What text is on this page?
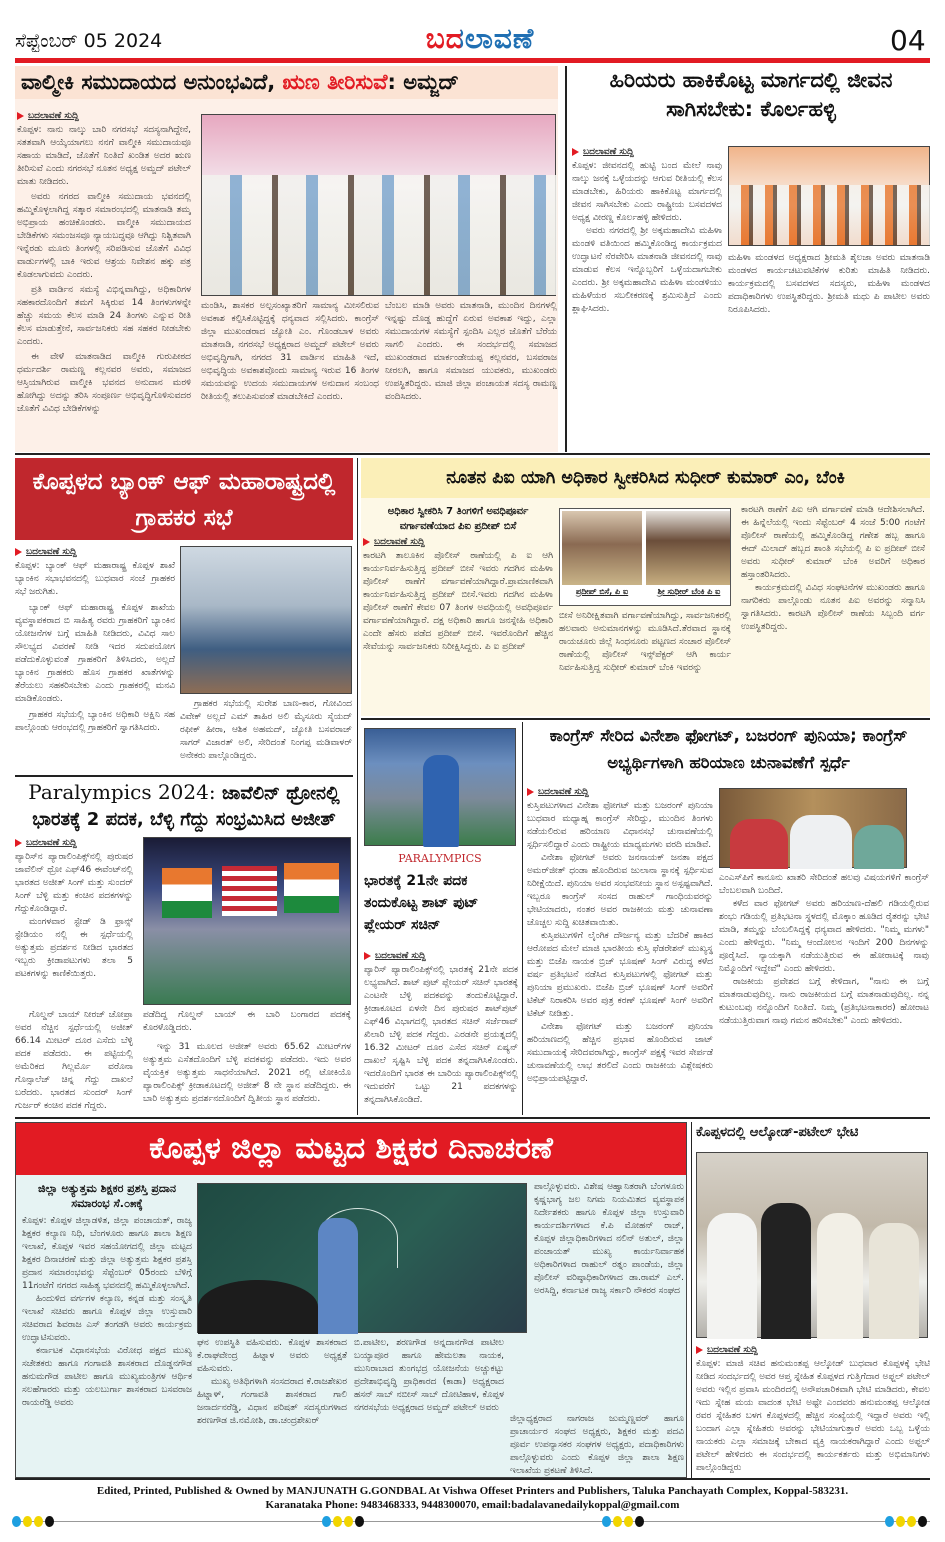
ಸೆಪ್ಟೆಂಬರ್ 05 2024	ಬದಲಾವಣೆ	04
ವಾಲ್ಮೀಕಿ ಸಮುದಾಯದ ಅನುಂಭವಿದೆ, ಋಣ ತೀರಿಸುವೆ: ಅಮ್ಜದ್
ಬದಲಾವಣೆ ಸುದ್ದಿ

ಕೊಪ್ಪಳ: ನಾನು ನಾಲ್ಕು ಬಾರಿ ನಗರಸಭೆ ಸದಸ್ಯನಾಗಿದ್ದೇನೆ, ಸತತವಾಗಿ ಆಯ್ಕೆಯಾಗಲು ನನಗೆ ವಾಲ್ಮೀಕಿ ಸಮುದಾಯವೂ ಸಹಾಯ ಮಾಡಿದೆ, ಜೊತೆಗೆ ನಿಂತಿದೆ ಖಂಡಿತ ಅದರ ಋಣ ತೀರಿಸುವೆ ಎಂದು ನಗರಸಭೆ ನೂತನ ಅಧ್ಯಕ್ಷ ಅಮ್ಜದ್ ಪಟೇಲ್ ಮಾತು ನೀಡಿದರು.

ಅವರು ನಗರದ ವಾಲ್ಮೀಕಿ ಸಮುದಾಯ ಭವನದಲ್ಲಿ ಹಮ್ಮಿಕೊಳ್ಳಲಾಗಿದ್ದ ಸತ್ಕಾರ ಸಮಾರಂಭದಲ್ಲಿ ಮಾತನಾಡಿ ತಮ್ಮ ಅಭಿಪ್ರಾಯ ಹಂಚಿಕೊಂಡರು. ವಾಲ್ಮೀಕಿ ಸಮುದಾಯದ ಬೇಡಿಕೆಗಳು ಸಮಂಜಸವೂ ನ್ಯಾಯಬದ್ಧವೂ ಆಗಿದ್ದು ನಿಶ್ಚಿತವಾಗಿ ಇನ್ನೆರಡು ಮೂರು ತಿಂಗಳಲ್ಲಿ ಸರಿಪಡಿಸುವ ಜೊತೆಗೆ ವಿವಿಧ ವಾರ್ಡುಗಳಲ್ಲಿ ಬಾಕಿ ಇರುವ ಆಶ್ರಯ ನಿವೇಶನ ಹಕ್ಕು ಪತ್ರ ಕೊಡಲಾಗುವದು ಎಂದರು.

ಪ್ರತಿ ವಾರ್ಡಿನ ಸಮಸ್ಯೆ ವಿಭಿನ್ನವಾಗಿದ್ದು, ಅಧಿಕಾರಿಗಳ ಸಹಕಾರದೊಂದಿಗೆ ತಮಗೆ ಸಿಕ್ಕಿರುವ 14 ತಿಂಗಳುಗಳನ್ನೇ ಹೆಚ್ಚು ಸಮಯ ಕೆಲಸ ಮಾಡಿ 24 ತಿಂಗಳು ಎನ್ನುವ ರೀತಿ ಕೆಲಸ ಮಾಡುತ್ತೇನೆ, ಸಾರ್ವಜನಿಕರು ಸಹ ಸಹಕರ ನೀಡಬೇಕು ಎಂದರು.

ಈ ವೇಳೆ ಮಾತನಾಡಿದ ವಾಲ್ಮೀಕಿ ಗುರುಪೀಠದ ಧರ್ಮದರ್ಶಿ ರಾಮಣ್ಣ ಕಲ್ಲನವರ ಅವರು, ಸಮಾಜದ ಆಸ್ತಿಯಾಗಿರುವ ವಾಲ್ಮೀಕಿ ಭವನದ ಅನುದಾನ ಮರಳಿ ಹೋಗಿದ್ದು ಅದನ್ನು ತರಿಸಿ ಸಂಪೂರ್ಣ ಅಭಿವೃದ್ಧಿಗೊಳಿಸುವದರ ಜೊತೆಗೆ ವಿವಿಧ ಬೇಡಿಕೆಗಳನ್ನು

ಮಂಡಿಸಿ, ಶಾಸಕರ ಅಲ್ಪಸಂಖ್ಯಾತರಿಗೆ ಸಾಮಾನ್ಯ ಮೀಸಲಿರುವ ಅವಕಾಶ ಕಲ್ಪಿಸಿಕೊಟ್ಟಿದ್ದಕ್ಕೆ ಧನ್ಯವಾದ ಸಲ್ಲಿಸಿದರು. ಕಾಂಗ್ರೆಸ್ ಜಿಲ್ಲಾ ಮುಖಂಡರಾದ ಜ್ಯೋತಿ ಎಂ. ಗೊಂಡಬಾಳ ಅವರು ಮಾತನಾಡಿ, ನಗರಸಭೆ ಅಧ್ಯಕ್ಷರಾದ ಅಮ್ಜದ್ ಪಟೇಲ್ ಅವರು ಅಭಿವೃದ್ಧಿಗಾಗಿ, ನಗರದ 31 ವಾರ್ಡಿನ ಮಾಹಿತಿ ಇದೆ, ಅಭಿವೃದ್ಧಿಯ ಅವಕಾಶವೊಂದು ಸಾಮಾನ್ಯ ಇರುವ 16 ತಿಂಗಳ ಸಮಯವನ್ನು ಉದಯ ಸಮುದಾಯಗಳ ಅನುದಾನ ಸಂಬಂಧ ರೀತಿಯಲ್ಲಿ ತಲುಪಿಸುವಂತೆ ಮಾಡಬೇಕಿದೆ ಎಂದರು.

ಬೆಂಬಲ ಮಾಡಿ ಅವರು ಮಾತನಾಡಿ, ಮುಂದಿನ ದಿನಗಳಲ್ಲಿ ಇನ್ನಷ್ಟು ದೊಡ್ಡ ಹುದ್ದೆಗೆ ಏರುವ ಅವಕಾಶ ಇದ್ದು, ಎಲ್ಲಾ ಸಮುದಾಯಗಳ ಸಮಸ್ಯೆಗೆ ಸ್ಪಂದಿಸಿ ಎಲ್ಲರ ಜೊತೆಗೆ ಬೆರೆಯ ಸಾಗಲಿ ಎಂದರು. ಈ ಸಂದರ್ಭದಲ್ಲಿ ಸಮಾಜದ ಮುಖಂಡರಾದ ಮಾರ್ಕಂಡೇಯಪ್ಪ ಕಲ್ಲನವರ, ಬಸವರಾಜ ನೀರಲಗಿ, ಹಾಗೂ ಸಮಾಜದ ಯುವಕರು, ಮುಖಂಡರು ಉಪಸ್ಥಿತರಿದ್ದರು. ಮಾಜಿ ಜಿಲ್ಲಾ ಪಂಚಾಯತ ಸದಸ್ಯ ರಾಮಣ್ಣ ವಂದಿಸಿದರು.

ಹಿರಿಯರು ಹಾಕಿಕೊಟ್ಟ ಮಾರ್ಗದಲ್ಲಿ ಜೀವನ ಸಾಗಿಸಬೇಕು: ಕೊರ್ಲಹಳ್ಳಿ
ಬದಲಾವಣೆ ಸುದ್ದಿ

ಕೊಪ್ಪಳ: ಜೀವನದಲ್ಲಿ ಹುಟ್ಟಿ ಬಂದ ಮೇಲೆ ನಾವು ನಾಲ್ಕು ಜನಕ್ಕೆ ಒಳ್ಳೆಯದನ್ನು ಆಗುವ ರೀತಿಯಲ್ಲಿ ಕೆಲಸ ಮಾಡಬೇಕು, ಹಿರಿಯರು ಹಾಕಿಕೊಟ್ಟ ಮಾರ್ಗದಲ್ಲಿ ಜೀವನ ಸಾಗಿಸಬೇಕು ಎಂದು ರಾಷ್ಟ್ರೀಯ ಬಸವದಳದ ಅಧ್ಯಕ್ಷ ವೀರಣ್ಣ ಕೊರ್ಲಹಳ್ಳಿ ಹೇಳಿದರು.

ಅವರು ನಗರದಲ್ಲಿ ಶ್ರೀ ಅಕ್ಕಮಹಾದೇವಿ ಮಹಿಳಾ ಮಂಡಳಿ ವತಿಯಿಂದ ಹಮ್ಮಿಕೊಂಡಿದ್ದ ಕಾರ್ಯಕ್ರಮದ ಉದ್ಘಾಟನೆ ನೆರವೇರಿಸಿ ಮಾತನಾಡಿ ಜೀವನದಲ್ಲಿ ನಾವು ಮಾಡುವ ಕೆಲಸ ಇನ್ನೊಬ್ಬರಿಗೆ ಒಳ್ಳೆಯದಾಗಬೇಕು ಎಂದರು. ಶ್ರೀ ಅಕ್ಕಮಹಾದೇವಿ ಮಹಿಳಾ ಮಂಡಳಿಯು ಮಹಿಳೆಯರ ಸಬಲೀಕರಣಕ್ಕೆ ಶ್ರಮಿಸುತ್ತಿದೆ ಎಂದು ಶ್ಲಾಘಿಸಿದರು.

ಮಹಿಳಾ ಮಂಡಳದ ಅಧ್ಯಕ್ಷರಾದ ಶ್ರೀಮತಿ ಶೈಲಜಾ ಅವರು ಮಾತನಾಡಿ ಮಂಡಳದ ಕಾರ್ಯಚಟುವಟಿಕೆಗಳ ಕುರಿತು ಮಾಹಿತಿ ನೀಡಿದರು. ಕಾರ್ಯಕ್ರಮದಲ್ಲಿ ಬಸವದಳದ ಸದಸ್ಯರು, ಮಹಿಳಾ ಮಂಡಳದ ಪದಾಧಿಕಾರಿಗಳು ಉಪಸ್ಥಿತರಿದ್ದರು. ಶ್ರೀಮತಿ ಮಧು ಪಿ ಪಾಟೀಲ ಅವರು ನಿರೂಪಿಸಿದರು.

ಕೊಪ್ಪಳದ ಬ್ಯಾಂಕ್ ಆಫ್ ಮಹಾರಾಷ್ಟ್ರದಲ್ಲಿ ಗ್ರಾಹಕರ ಸಭೆ
ಬದಲಾವಣೆ ಸುದ್ದಿ

ಕೊಪ್ಪಳ: ಬ್ಯಾಂಕ್ ಆಫ್ ಮಹಾರಾಷ್ಟ್ರ ಕೊಪ್ಪಳ ಶಾಖೆ ಬ್ಯಾಂಕಿನ ಸಭಾಭವನದಲ್ಲಿ ಬುಧವಾರ ಸಂಜೆ ಗ್ರಾಹಕರ ಸಭೆ ಜರುಗಿತು.

ಬ್ಯಾಂಕ್ ಆಫ್ ಮಹಾರಾಷ್ಟ್ರ ಕೊಪ್ಪಳ ಶಾಖೆಯ ವ್ಯವಸ್ಥಾಪಕರಾದ ಬಿ ಸಾಹಿತ್ಯ ರವರು ಗ್ರಾಹಕರಿಗೆ ಬ್ಯಾಂಕಿನ ಯೋಜನೆಗಳ ಬಗ್ಗೆ ಮಾಹಿತಿ ನೀಡಿದರು, ವಿವಿಧ ಸಾಲ ಸೌಲಭ್ಯದ ವಿವರಣೆ ನೀಡಿ ಇದರ ಸದುಪಯೋಗ ಪಡೆದುಕೊಳ್ಳುವಂತೆ ಗ್ರಾಹಕರಿಗೆ ತಿಳಿಸಿದರು, ಅಲ್ಲದೆ ಬ್ಯಾಂಕಿನ ಗ್ರಾಹಕರು ಹೊಸ ಗ್ರಾಹಕರ ಖಾತೆಗಳನ್ನು ತೆರೆಯಲು ಸಹಕರಿಸಬೇಕು ಎಂದು ಗ್ರಾಹಕರಲ್ಲಿ ಮನವಿ ಮಾಡಿಕೊಂಡರು.

ಗ್ರಾಹಕರ ಸಭೆಯಲ್ಲಿ ಬ್ಯಾಂಕಿನ ಅಧಿಕಾರಿ ಅಕ್ಷಿನಿ ಸಹ ಪಾಲ್ಗೊಂಡು ಆರಂಭದಲ್ಲಿ ಗ್ರಾಹಕರಿಗೆ ಸ್ವಾಗತಿಸಿದರು.

ಗ್ರಾಹಕರ ಸಭೆಯಲ್ಲಿ ಸುರೇಶ ಬಾಣ-ಕಾರ, ಗೋವಿಂದ ವಿವೇಕ್ ಅಲ್ಲದೆ ಎಮ್ ತಾಹಿರ ಅಲಿ ಮೈಸೂರು ಸೈಯದ್ ರಫೀಕ್ ಹೀರಾ, ಆಶಿಕ ಅಹಮದ್, ಜ್ಯೋತಿ ಬಸವರಾಜ್ ಸಾಗರ್ ವಿಜಾರತ್ ಅಲಿ, ಸೇರಿದಂತೆ ನಿಂಗಪ್ಪ ಮಡಿವಾಳರ್ ಅನೇಕರು ಪಾಲ್ಗೊಂಡಿದ್ದರು.

ನೂತನ ಪಿಐ ಯಾಗಿ ಅಧಿಕಾರ ಸ್ವೀಕರಿಸಿದ ಸುಧೀರ್ ಕುಮಾರ್ ಎಂ, ಬೆಂಕಿ
ಅಧಿಕಾರ ಸ್ವೀಕರಿಸಿ 7 ತಿಂಗಳಿಗೆ ಅವಧಿಪೂರ್ವ ವರ್ಗಾವಣೆಯಾದ ಪಿಐ ಪ್ರದೀಪ್ ಬಿಸೆ
ಬದಲಾವಣೆ ಸುದ್ದಿ

ಕಾರಟಗಿ ತಾಲೂಕಿನ ಪೊಲೀಸ್ ಠಾಣೆಯಲ್ಲಿ ಪಿ ಐ ಆಗಿ ಕಾರ್ಯನಿರ್ವಹಿಸುತ್ತಿದ್ದ ಪ್ರದೀಪ್ ಬೀಸೆ ಇವರು ಗದಗಿನ ಮಹಿಳಾ ಪೊಲೀಸ್ ಠಾಣೆಗೆ ವರ್ಗಾವಣೆಯಾಗಿದ್ದಾರೆ.ಪ್ರಾಮಾಣಿಕವಾಗಿ ಕಾರ್ಯನಿರ್ವಹಿಸುತ್ತಿದ್ದ ಪ್ರದೀಪ್ ಬೀಸೆ.ಇವರು ಗದಗಿನ ಮಹಿಳಾ ಪೊಲೀಸ್ ಠಾಣೆಗೆ ಕೇವಲ 07 ತಿಂಗಳ ಅವಧಿಯಲ್ಲಿ ಅವಧಿಪೂರ್ವ ವರ್ಗಾವಣೆಯಾಗಿದ್ದಾರೆ. ದಕ್ಷ ಅಧಿಕಾರಿ ಹಾಗೂ ಜನಸ್ನೇಹಿ ಅಧಿಕಾರಿ ಎಂದೇ ಹೆಸರು ಪಡೆದ ಪ್ರದೀಪ್ ಬೀಸೆ. ಇವರೊಂದಿಗೆ ಹೆಚ್ಚಿನ ಸೇವೆಯನ್ನು ಸಾರ್ವಜನಿಕರು ನಿರೀಕ್ಷಿಸಿದ್ದರು. ಪಿ ಐ ಪ್ರದೀಪ್

ಪ್ರದೀಪ್ ಬಿಸೆ, ಪಿ ಐ	ಶ್ರೀ ಸುಧೀರ್ ಬೆಂಕಿ ಪಿ ಐ

ಬೀಸೆ ಅನಿರೀಕ್ಷಿತವಾಗಿ ವರ್ಗಾವಣೆಯಾಗಿದ್ದು, ಸಾರ್ವಜನಿಕರಲ್ಲಿ ಹಲವಾರು ಅನುಮಾನಗಳನ್ನು ಮೂಡಿಸಿದೆ.ತೆರವಾದ ಸ್ಥಾನಕ್ಕೆ ರಾಯಚೂರು ಜಿಲ್ಲೆ ಸಿಂಧನೂರು ಪಟ್ಟಣದ ಸಂಚಾರ ಪೊಲೀಸ್ ಠಾಣೆಯಲ್ಲಿ ಪೊಲೀಸ್ ಇನ್ಸ್‌ಪೆಕ್ಟರ್ ಆಗಿ ಕಾರ್ಯ ನಿರ್ವಹಿಸುತ್ತಿದ್ದ ಸುಧೀರ್ ಕುಮಾರ್ ಬೆಂಕಿ ಇವರನ್ನು

ಕಾರಟಗಿ ಠಾಣೆಗೆ ಪಿಐ ಆಗಿ ವರ್ಗಾವಣೆ ಮಾಡಿ ಆದೇಶಿಸಲಾಗಿದೆ. ಈ ಹಿನ್ನೆಲೆಯಲ್ಲಿ ಇಂದು ಸೆಪ್ಟೆಂಬರ್ 4 ಸಂಜೆ 5:00 ಗಂಟೆಗೆ ಪೊಲೀಸ್ ಠಾಣೆಯಲ್ಲಿ ಹಮ್ಮಿಕೊಂಡಿದ್ದ ಗಣೇಶ ಹಬ್ಬ ಹಾಗೂ ಈದ್ ಮಿಲಾದ್ ಹಬ್ಬದ ಶಾಂತಿ ಸಭೆಯಲ್ಲಿ ಪಿ ಐ ಪ್ರದೀಪ್ ಬೀಸೆ ಅವರು ಸುಧೀರ್ ಕುಮಾರ್ ಬೆಂಕಿ ಅವರಿಗೆ ಅಧಿಕಾರ ಹಸ್ತಾಂತರಿಸಿದರು.

ಕಾರ್ಯಕ್ರಮದಲ್ಲಿ ವಿವಿಧ ಸಂಘಟನೆಗಳ ಮುಖಂಡರು ಹಾಗೂ ನಾಗರಿಕರು ಪಾಲ್ಗೊಂಡು ನೂತನ ಪಿಐ ಅವರನ್ನು ಸನ್ಮಾನಿಸಿ ಸ್ವಾಗತಿಸಿದರು. ಕಾರಟಗಿ ಪೊಲೀಸ್ ಠಾಣೆಯ ಸಿಬ್ಬಂದಿ ವರ್ಗ ಉಪಸ್ಥಿತರಿದ್ದರು.

Paralympics 2024: ಜಾವೆಲಿನ್ ಥ್ರೋನಲ್ಲಿ ಭಾರತಕ್ಕೆ 2 ಪದಕ, ಬೆಳ್ಳಿ ಗೆದ್ದು ಸಂಭ್ರಮಿಸಿದ ಅಜೀತ್
ಬದಲಾವಣೆ ಸುದ್ದಿ

ಪ್ಯಾರಿಸ್‌ನ ಪ್ಯಾರಾಲಿಂಪಿಕ್ಸ್‌ನಲ್ಲಿ ಪುರುಷರ ಜಾವೆಲಿನ್ ಥ್ರೋ ಎಫ್46 ಈವೆಂಟ್‌ನಲ್ಲಿ ಭಾರತದ ಅಜೀತ್ ಸಿಂಗ್ ಮತ್ತು ಸುಂದರ್ ಸಿಂಗ್ ಬೆಳ್ಳಿ ಮತ್ತು ಕಂಚಿನ ಪದಕಗಳನ್ನು ಗೆದ್ದುಕೊಂಡಿದ್ದಾರೆ.

ಮಂಗಳವಾರ ಸ್ಟೇಡ್ ಡಿ ಫ್ರಾನ್ಸ್ ಸ್ಟೇಡಿಯಂ ನಲ್ಲಿ ಈ ಸ್ಪರ್ಧೆಯಲ್ಲಿ ಅತ್ಯುತ್ತಮ ಪ್ರದರ್ಶನ ನೀಡಿದ ಭಾರತದ ಇಬ್ಬರು ಕ್ರೀಡಾಪಟುಗಳು ತಲಾ 5 ಪಟಕಗಳನ್ನು ಕಾಣಿಕೆಯಿತ್ತರು.

ಗೊಲ್ಡನ್ ಬಾಯ್ ನೀರಜ್ ಚೋಪ್ರಾ ಅವರ ನೆಚ್ಚಿನ ಸ್ಪರ್ಧೆಯಲ್ಲಿ ಅಜೀತ್ 66.14 ಮೀಟರ್ ದೂರ ಎಸೆದು ಬೆಳ್ಳಿ ಪದಕ ಪಡೆದರು. ಈ ಪಟ್ಟಿಯಲ್ಲಿ ಅಮೆರಿಕದ ಗಿಲ್ಲರ್ಮೊ ವರೊನಾ ಗೊನ್ಸಾಲೆಜ್ ಚಿನ್ನ ಗೆದ್ದು ದಾಖಲೆ ಬರೆದರು. ಭಾರತದ ಸುಂದರ್ ಸಿಂಗ್ ಗುರ್ಜರ್ ಕಂಚಿನ ಪದಕ ಗೆದ್ದರು.

ಪಡೆದಿದ್ದ ಗೊಲ್ಡನ್ ಬಾಯ್ ಈ ಬಾರಿ ಬಂಗಾರದ ಪದಕಕ್ಕೆ ಕೊರಳೊಡ್ಡಿದರು.

ಇನ್ನು 31 ಮೂಲದ ಅಜೀತ್ ಅವರು 65.62 ಮೀಟರ್‌ಗಳ ಅತ್ಯುತ್ತಮ ಎಸೆತದೊಂದಿಗೆ ಬೆಳ್ಳಿ ಪದಕವನ್ನು ಪಡೆದರು. ಇದು ಅವರ ವೈಯಕ್ತಿಕ ಅತ್ಯುತ್ತಮ ಸಾಧನೆಯಾಗಿದೆ. 2021 ರಲ್ಲಿ ಟೋಕಿಯೊ ಪ್ಯಾರಾಲಿಂಪಿಕ್ಸ್ ಕ್ರೀಡಾಕೂಟದಲ್ಲಿ ಅಜೀತ್ 8 ನೇ ಸ್ಥಾನ ಪಡೆದಿದ್ದರು. ಈ ಬಾರಿ ಅತ್ಯುತ್ತಮ ಪ್ರದರ್ಶನದೊಂದಿಗೆ ದ್ವಿತೀಯ ಸ್ಥಾನ ಪಡೆದರು.

PARALYMPICS
ಭಾರತಕ್ಕೆ 21ನೇ ಪದಕ ತಂದುಕೊಟ್ಟ ಶಾಟ್ ಪುಟ್ ಪ್ಲೇಯರ್ ಸಚಿನ್
ಬದಲಾವಣೆ ಸುದ್ದಿ

ಪ್ಯಾರಿಸ್ ಪ್ಯಾರಾಲಿಂಪಿಕ್ಸ್‌ನಲ್ಲಿ ಭಾರತಕ್ಕೆ 21ನೇ ಪದಕ ಲಭ್ಯವಾಗಿದೆ. ಶಾಟ್ ಪುಟ್ ಪ್ಲೇಯರ್ ಸಚಿನ್ ಭಾರತಕ್ಕೆ ಎಂಟನೇ ಬೆಳ್ಳಿ ಪದಕವನ್ನು ತಂದುಕೊಟ್ಟಿದ್ದಾರೆ. ಕ್ರೀಡಾಕೂಟದ ಏಳನೇ ದಿನ ಪುರುಷರ ಶಾಟ್‌ಪುಟ್ ಎಫ್46 ವಿಭಾಗದಲ್ಲಿ ಭಾರತದ ಸಚಿನ್ ಸರ್ಜೆರಾವ್ ಖಿಲಾರಿ ಬೆಳ್ಳಿ ಪದಕ ಗೆದ್ದರು. ಎರಡನೇ ಪ್ರಯತ್ನದಲ್ಲಿ 16.32 ಮೀಟರ್ ದೂರ ಎಸೆದ ಸಚಿನ್ ಏಷ್ಯನ್ ದಾಖಲೆ ಸೃಷ್ಟಿಸಿ ಬೆಳ್ಳಿ ಪದಕ ತನ್ನದಾಗಿಸಿಕೊಂಡರು. ಇದರೊಂದಿಗೆ ಭಾರತ ಈ ಬಾರಿಯ ಪ್ಯಾರಾಲಿಂಪಿಕ್ಸ್‌ನಲ್ಲಿ ಇದುವರೆಗೆ ಒಟ್ಟು 21 ಪದಕಗಳನ್ನು ತನ್ನದಾಗಿಸಿಕೊಂಡಿದೆ.

ಕಾಂಗ್ರೆಸ್ ಸೇರಿದ ವಿನೇಶಾ ಫೋಗಟ್, ಬಜರಂಗ್ ಪುನಿಯಾ; ಕಾಂಗ್ರೆಸ್ ಅಭ್ಯರ್ಥಿಗಳಾಗಿ ಹರಿಯಾಣ ಚುನಾವಣೆಗೆ ಸ್ಪರ್ಧೆ
ಬದಲಾವಣೆ ಸುದ್ದಿ

ಕುಸ್ತಿಪಟುಗಳಾದ ವಿನೇಶಾ ಫೋಗಟ್ ಮತ್ತು ಬಜರಂಗ್ ಪುನಿಯಾ ಬುಧವಾರ ಮಧ್ಯಾಹ್ನ ಕಾಂಗ್ರೆಸ್ ಸೇರಿದ್ದು, ಮುಂದಿನ ತಿಂಗಳು ನಡೆಯಲಿರುವ ಹರಿಯಾಣ ವಿಧಾನಸಭೆ ಚುನಾವಣೆಯಲ್ಲಿ ಸ್ಪರ್ಧಿಸಲಿದ್ದಾರೆ ಎಂದು ರಾಷ್ಟ್ರೀಯ ಮಾಧ್ಯಮಗಳು ವರದಿ ಮಾಡಿವೆ.

ವಿನೇಶಾ ಫೋಗಟ್ ಅವರು ಜನನಾಯಕ್ ಜನತಾ ಪಕ್ಷದ ಅಮರ್‌ಜೀತ್ ಧಂಡಾ ಹೊಂದಿರುವ ಜುಲಾನಾ ಸ್ಥಾನಕ್ಕೆ ಸ್ಪರ್ಧಿಸುವ ನಿರೀಕ್ಷೆಯಿದೆ. ಪುನಿಯಾ ಅವರ ಸಂಭವನೀಯ ಸ್ಥಾನ ಅಸ್ಪಷ್ಟವಾಗಿದೆ. ಇಬ್ಬರೂ ಕಾಂಗ್ರೆಸ್ ಸಂಸದ ರಾಹುಲ್ ಗಾಂಧಿಯವರನ್ನು ಭೇಟಿಯಾದರು, ನಂತರ ಅವರ ರಾಜಕೀಯ ಮತ್ತು ಚುನಾವಣಾ ಚೊಚ್ಚಲ ಸುದ್ದಿ ಖಚಿತವಾಯಿತು.

ಕುಸ್ತಿಪಟುಗಳಿಗೆ ಲೈಂಗಿಕ ದೌರ್ಜನ್ಯ ಮತ್ತು ಬೆದರಿಕೆ ಹಾಕಿದ ಆರೋಪದ ಮೇಲೆ ಮಾಜಿ ಭಾರತೀಯ ಕುಸ್ತಿ ಫೆಡರೇಶನ್ ಮುಖ್ಯಸ್ಥ ಮತ್ತು ಬಿಜೆಪಿ ನಾಯಕ ಬ್ರಿಜ್ ಭೂಷಣ್ ಸಿಂಗ್ ವಿರುದ್ಧ ಕಳೆದ ವರ್ಷ ಪ್ರತಿಭಟನೆ ನಡೆಸಿದ ಕುಸ್ತಿಪಟುಗಳಲ್ಲಿ ಫೋಗಟ್ ಮತ್ತು ಪುನಿಯಾ ಪ್ರಮುಖರು. ಬಿಜೆಪಿ ಬ್ರಿಜ್ ಭೂಷಣ್ ಸಿಂಗ್ ಅವರಿಗೆ ಟಿಕೆಟ್ ನಿರಾಕರಿಸಿ ಅವರ ಪುತ್ರ ಕರಣ್ ಭೂಷಣ್ ಸಿಂಗ್ ಅವರಿಗೆ ಟಿಕೆಟ್ ನೀಡಿತ್ತು.

ವಿನೇಶಾ ಫೋಗಟ್ ಮತ್ತು ಬಜರಂಗ್ ಪುನಿಯಾ ಹರಿಯಾಣದಲ್ಲಿ ಹೆಚ್ಚಿನ ಪ್ರಭಾವ ಹೊಂದಿರುವ ಜಾಟ್ ಸಮುದಾಯಕ್ಕೆ ಸೇರಿದವರಾಗಿದ್ದು, ಕಾಂಗ್ರೆಸ್ ಪಕ್ಷಕ್ಕೆ ಇವರ ಸೇರ್ಪಡೆ ಚುನಾವಣೆಯಲ್ಲಿ ಲಾಭ ತರಲಿದೆ ಎಂದು ರಾಜಕೀಯ ವಿಶ್ಲೇಷಕರು ಅಭಿಪ್ರಾಯಪಟ್ಟಿದ್ದಾರೆ.

ಎಂಎಸ್‌ಪಿಗೆ ಕಾನೂನು ಖಾತರಿ ಸೇರಿದಂತೆ ಹಲವು ವಿಷಯಗಳಿಗೆ ಕಾಂಗ್ರೆಸ್ ಬೆಂಬಲವಾಗಿ ಬಂದಿದೆ.

ಕಳೆದ ವಾರ ಫೋಗಟ್ ಅವರು ಹರಿಯಾಣ-ದೆಹಲಿ ಗಡಿಯಲ್ಲಿರುವ ಶಂಭು ಗಡಿಯಲ್ಲಿ ಪ್ರತಿಭಟನಾ ಸ್ಥಳದಲ್ಲಿ ಮೊಕ್ಕಾಂ ಹೂಡಿದ ರೈತರನ್ನು ಭೇಟಿ ಮಾಡಿ, ತಮ್ಮನ್ನು ಬೆಂಬಲಿಸಿದ್ದಕ್ಕೆ ಧನ್ಯವಾದ ಹೇಳಿದರು. "ನಿಮ್ಮ ಮಗಳು" ಎಂದು ಹೇಳಿದ್ದರು. "ನಿಮ್ಮ ಆಂದೋಲನ ಇಂದಿಗೆ 200 ದಿನಗಳನ್ನು ಪೂರೈಸಿದೆ. ನ್ಯಾಯಕ್ಕಾಗಿ ನಡೆಯುತ್ತಿರುವ ಈ ಹೋರಾಟಕ್ಕೆ ನಾವು ನಿಮ್ಮೊಂದಿಗೆ ಇದ್ದೇವೆ" ಎಂದು ಹೇಳಿದರು.

ರಾಜಕೀಯ ಪ್ರವೇಶದ ಬಗ್ಗೆ ಕೇಳಿದಾಗ, "ನಾನು ಈ ಬಗ್ಗೆ ಮಾತನಾಡುವುದಿಲ್ಲ. ನಾನು ರಾಜಕೀಯದ ಬಗ್ಗೆ ಮಾತನಾಡುವುದಿಲ್ಲ. ನನ್ನ ಕುಟುಂಬವು ನನ್ನೊಂದಿಗೆ ನಿಂತಿದೆ. ನಿಮ್ಮ (ಪ್ರತಿಭಟನಾಕಾರರ) ಹೋರಾಟ ನಡೆಯುತ್ತಿರುವಾಗ ನಾವು ಗಮನ ಹರಿಸಬೇಕು" ಎಂದು ಹೇಳಿದರು.

ಕೊಪ್ಪಳ ಜಿಲ್ಲಾ ಮಟ್ಟದ ಶಿಕ್ಷಕರ ದಿನಾಚರಣೆ
ಜಿಲ್ಲಾ ಅತ್ಯುತ್ತಮ ಶಿಕ್ಷಕರ ಪ್ರಶಸ್ತಿ ಪ್ರದಾನ ಸಮಾರಂಭ ಸೆ.೦೫ಕ್ಕೆ

ಕೊಪ್ಪಳ: ಕೊಪ್ಪಳ ಜಿಲ್ಲಾಡಳಿತ, ಜಿಲ್ಲಾ ಪಂಚಾಯತ್, ರಾಜ್ಯ ಶಿಕ್ಷಕರ ಕಲ್ಯಾಣ ನಿಧಿ, ಬೆಂಗಳೂರು ಹಾಗೂ ಶಾಲಾ ಶಿಕ್ಷಣ ಇಲಾಖೆ, ಕೊಪ್ಪಳ ಇವರ ಸಹಯೋಗದಲ್ಲಿ ಜಿಲ್ಲಾ ಮಟ್ಟದ ಶಿಕ್ಷಕರ ದಿನಾಚರಣೆ ಮತ್ತು ಜಿಲ್ಲಾ ಅತ್ಯುತ್ತಮ ಶಿಕ್ಷಕರ ಪ್ರಶಸ್ತಿ ಪ್ರದಾನ ಸಮಾರಂಭವನ್ನು ಸೆಪ್ಟೆಂಬರ್ 05ರಂದು ಬೆಳಿಗ್ಗೆ 11ಗಂಟೆಗೆ ನಗರದ ಸಾಹಿತ್ಯ ಭವನದಲ್ಲಿ ಹಮ್ಮಿಕೊಳ್ಳಲಾಗಿದೆ.

ಹಿಂದುಳಿದ ವರ್ಗಗಳ ಕಲ್ಯಾಣ, ಕನ್ನಡ ಮತ್ತು ಸಂಸ್ಕೃತಿ ಇಲಾಖೆ ಸಚಿವರು ಹಾಗೂ ಕೊಪ್ಪಳ ಜಿಲ್ಲಾ ಉಸ್ತುವಾರಿ ಸಚಿವರಾದ ಶಿವರಾಜ ಎಸ್ ತಂಗಡಗಿ ಅವರು ಕಾರ್ಯಕ್ರಮ ಉದ್ಘಾಟಿಸುವರು.

ಕರ್ನಾಟಕ ವಿಧಾನಸಭೆಯ ವಿರೋಧ ಪಕ್ಷದ ಮುಖ್ಯ ಸಚೇತಕರು ಹಾಗೂ ಗಂಗಾವತಿ ಶಾಸಕರಾದ ದೊಡ್ಡನಗೌಡ ಹನುಮಗೌಡ ಪಾಟೀಲ ಹಾಗೂ ಮುಖ್ಯಮಂತ್ರಿಗಳ ಆರ್ಥಿಕ ಸಲಹೆಗಾರರು ಮತ್ತು ಯಲಬುರ್ಗಾ ಶಾಸಕರಾದ ಬಸವರಾಜ ರಾಯರೆಡ್ಡಿ ಅವರು

ಘನ ಉಪಸ್ಥಿತಿ ವಹಿಸುವರು. ಕೊಪ್ಪಳ ಶಾಸಕರಾದ ಕೆ.ರಾಘವೇಂದ್ರ ಹಿಟ್ನಾಳ ಅವರು ಅಧ್ಯಕ್ಷತೆ ವಹಿಸುವರು.

ಮುಖ್ಯ ಅತಿಥಿಗಳಾಗಿ ಸಂಸದರಾದ ಕೆ.ರಾಜಶೇಖರ ಹಿಟ್ನಾಳ್, ಗಂಗಾವತಿ ಶಾಸಕರಾದ ಗಾಲಿ ಜನಾರ್ದನರೆಡ್ಡಿ, ವಿಧಾನ ಪರಿಷತ್ ಸದಸ್ಯರುಗಳಾದ ಶರಣಗೌಡ ಜಿ.ನಮೋಶಿ, ಡಾ.ಚಂದ್ರಶೇಖರ್

ಬಿ.ಪಾಟೀಲ, ಶರಣಗೌಡ ಅನ್ನದಾನಗೌಡ ಪಾಟೀಲ ಬಯ್ಯಾಪೂರ ಹಾಗೂ ಹೇಮಲತಾ ನಾಯಕ, ಮುನಿರಾಬಾದ ತುಂಗಭದ್ರ ಯೋಜನೆಯ ಅಚ್ಚುಕಟ್ಟು ಪ್ರದೇಶಾಭಿವೃದ್ಧಿ ಪ್ರಾಧಿಕಾರದ (ಕಾಡಾ) ಅಧ್ಯಕ್ಷರಾದ ಹಸನ್ ಸಾಬ್ ನಬೀಸ್ ಸಾಬ್ ದೋಟಿಹಾಳ, ಕೊಪ್ಪಳ ನಗರಸಭೆಯ ಅಧ್ಯಕ್ಷರಾದ ಅಮ್ಜದ್ ಪಟೇಲ್ ಅವರು

ಪಾಲ್ಗೊಳ್ಳುವರು. ವಿಶೇಷ ಆಹ್ವಾನಿತರಾಗಿ ಬೆಂಗಳೂರು ಕೃಷ್ಣಭಾಗ್ಯ ಜಲ ನಿಗಮ ನಿಯಮಿತದ ವ್ಯವಸ್ಥಾಪಕ ನಿರ್ದೇಶಕರು ಹಾಗೂ ಕೊಪ್ಪಳ ಜಿಲ್ಲಾ ಉಸ್ತುವಾರಿ ಕಾರ್ಯದರ್ಶಿಗಳಾದ ಕೆ.ಪಿ ಮೋಹನ್ ರಾಜ್, ಕೊಪ್ಪಳ ಜಿಲ್ಲಾಧಿಕಾರಿಗಳಾದ ನಲಿನ್ ಅತುಲ್, ಜಿಲ್ಲಾ ಪಂಚಾಯತ್ ಮುಖ್ಯ ಕಾರ್ಯನಿರ್ವಾಹಕ ಅಧಿಕಾರಿಗಳಾದ ರಾಹುಲ್ ರತ್ನಂ ಪಾಂಡೆಯ, ಜಿಲ್ಲಾ ಪೊಲೀಸ್ ವರಿಷ್ಠಾಧಿಕಾರಿಗಳಾದ ಡಾ.ರಾಮ್ ಎಲ್. ಅರಸಿದ್ದಿ, ಕರ್ನಾಟಕ ರಾಜ್ಯ ಸರ್ಕಾರಿ ನೌಕರರ ಸಂಘದ

ಜಿಲ್ಲಾಧ್ಯಕ್ಷರಾದ ನಾಗರಾಜ ಜುಮ್ಮಣ್ಣವರ್ ಹಾಗೂ ಪ್ರಾಚಾರ್ಯರ ಸಂಘದ ಅಧ್ಯಕ್ಷರು, ಶಿಕ್ಷಕರ ಮತ್ತು ಪದವಿ ಪೂರ್ವ ಉಪನ್ಯಾಸಕರ ಸಂಘಗಳ ಅಧ್ಯಕ್ಷರು, ಪದಾಧಿಕಾರಿಗಳು ಪಾಲ್ಗೊಳ್ಳುವರು ಎಂದು ಕೊಪ್ಪಳ ಜಿಲ್ಲಾ ಶಾಲಾ ಶಿಕ್ಷಣ ಇಲಾಖೆಯ ಪ್ರಕಟಣೆ ತಿಳಿಸಿದೆ.

ಕೊಪ್ಪಳದಲ್ಲಿ ಆಲ್ಕೋಡ್-ಪಟೇಲ್ ಭೇಟಿ
ಬದಲಾವಣೆ ಸುದ್ದಿ

ಕೊಪ್ಪಳ: ಮಾಜಿ ಸಚಿವ ಹನುಮಂತಪ್ಪ ಆಲ್ಕೋಡ್ ಬುಧವಾರ ಕೊಪ್ಪಳಕ್ಕೆ ಭೇಟಿ ನೀಡಿದ ಸಂದರ್ಭದಲ್ಲಿ ಅವರ ಆಪ್ತ ಸ್ನೇಹಿತ ಕೊಪ್ಪಳದ ಗುತ್ತಿಗೆದಾರ ಅಫ್ಜಲ್ ಪಟೇಲ್ ಅವರು ಇಲ್ಲಿನ ಪ್ರವಾಸಿ ಮಂದಿರದಲ್ಲಿ ಅನೌಪಚಾರಿಕವಾಗಿ ಭೇಟಿ ಮಾಡಿದರು, ಕೇವಲ ಇದು ಸ್ನೇಹ ಮಯ ವಾದಂತ ಭೇಟಿ ಅಷ್ಟೇ ಎಂದವರು ಹನುಮಂತಪ್ಪ ಆಲ್ಕೋಡ ರವರ ಸ್ನೇಹಿತರ ಬಳಗ ಕೊಪ್ಪಳದಲ್ಲಿ ಹೆಚ್ಚಿನ ಸಂಖ್ಯೆಯಲ್ಲಿ ಇದ್ದಾರೆ ಅವರು ಇಲ್ಲಿ ಬಂದಾಗ ಎಲ್ಲಾ ಸ್ನೇಹಿತರು ಅವರನ್ನು ಭೇಟಿಯಾಗುತ್ತಾರೆ ಅವರು ಒಬ್ಬ ಒಳ್ಳೆಯ ನಾಯಕರು ಎಲ್ಲಾ ಸಮಾಜಕ್ಕೆ ಬೇಕಾದ ವ್ಯಕ್ತಿ ನಾಯಕರಾಗಿದ್ದಾರೆ ಎಂದು ಅಫ್ಜಲ್ ಪಟೇಲ್ ಹೇಳಿದರು ಈ ಸಂದರ್ಭದಲ್ಲಿ ಕಾರ್ಯಕರ್ತರು ಮತ್ತು ಅಭಿಮಾನಿಗಳು ಪಾಲ್ಗೊಂಡಿದ್ದರು

Edited, Printed, Published & Owned by MANJUNATH G.GONDBAL At Vishwa Offeset Printers and Publishers, Taluka Panchayath Complex, Koppal-583231.
Karanataka Phone: 9483468333, 9448300070, email:badalavanedailykoppal@gmail.com
